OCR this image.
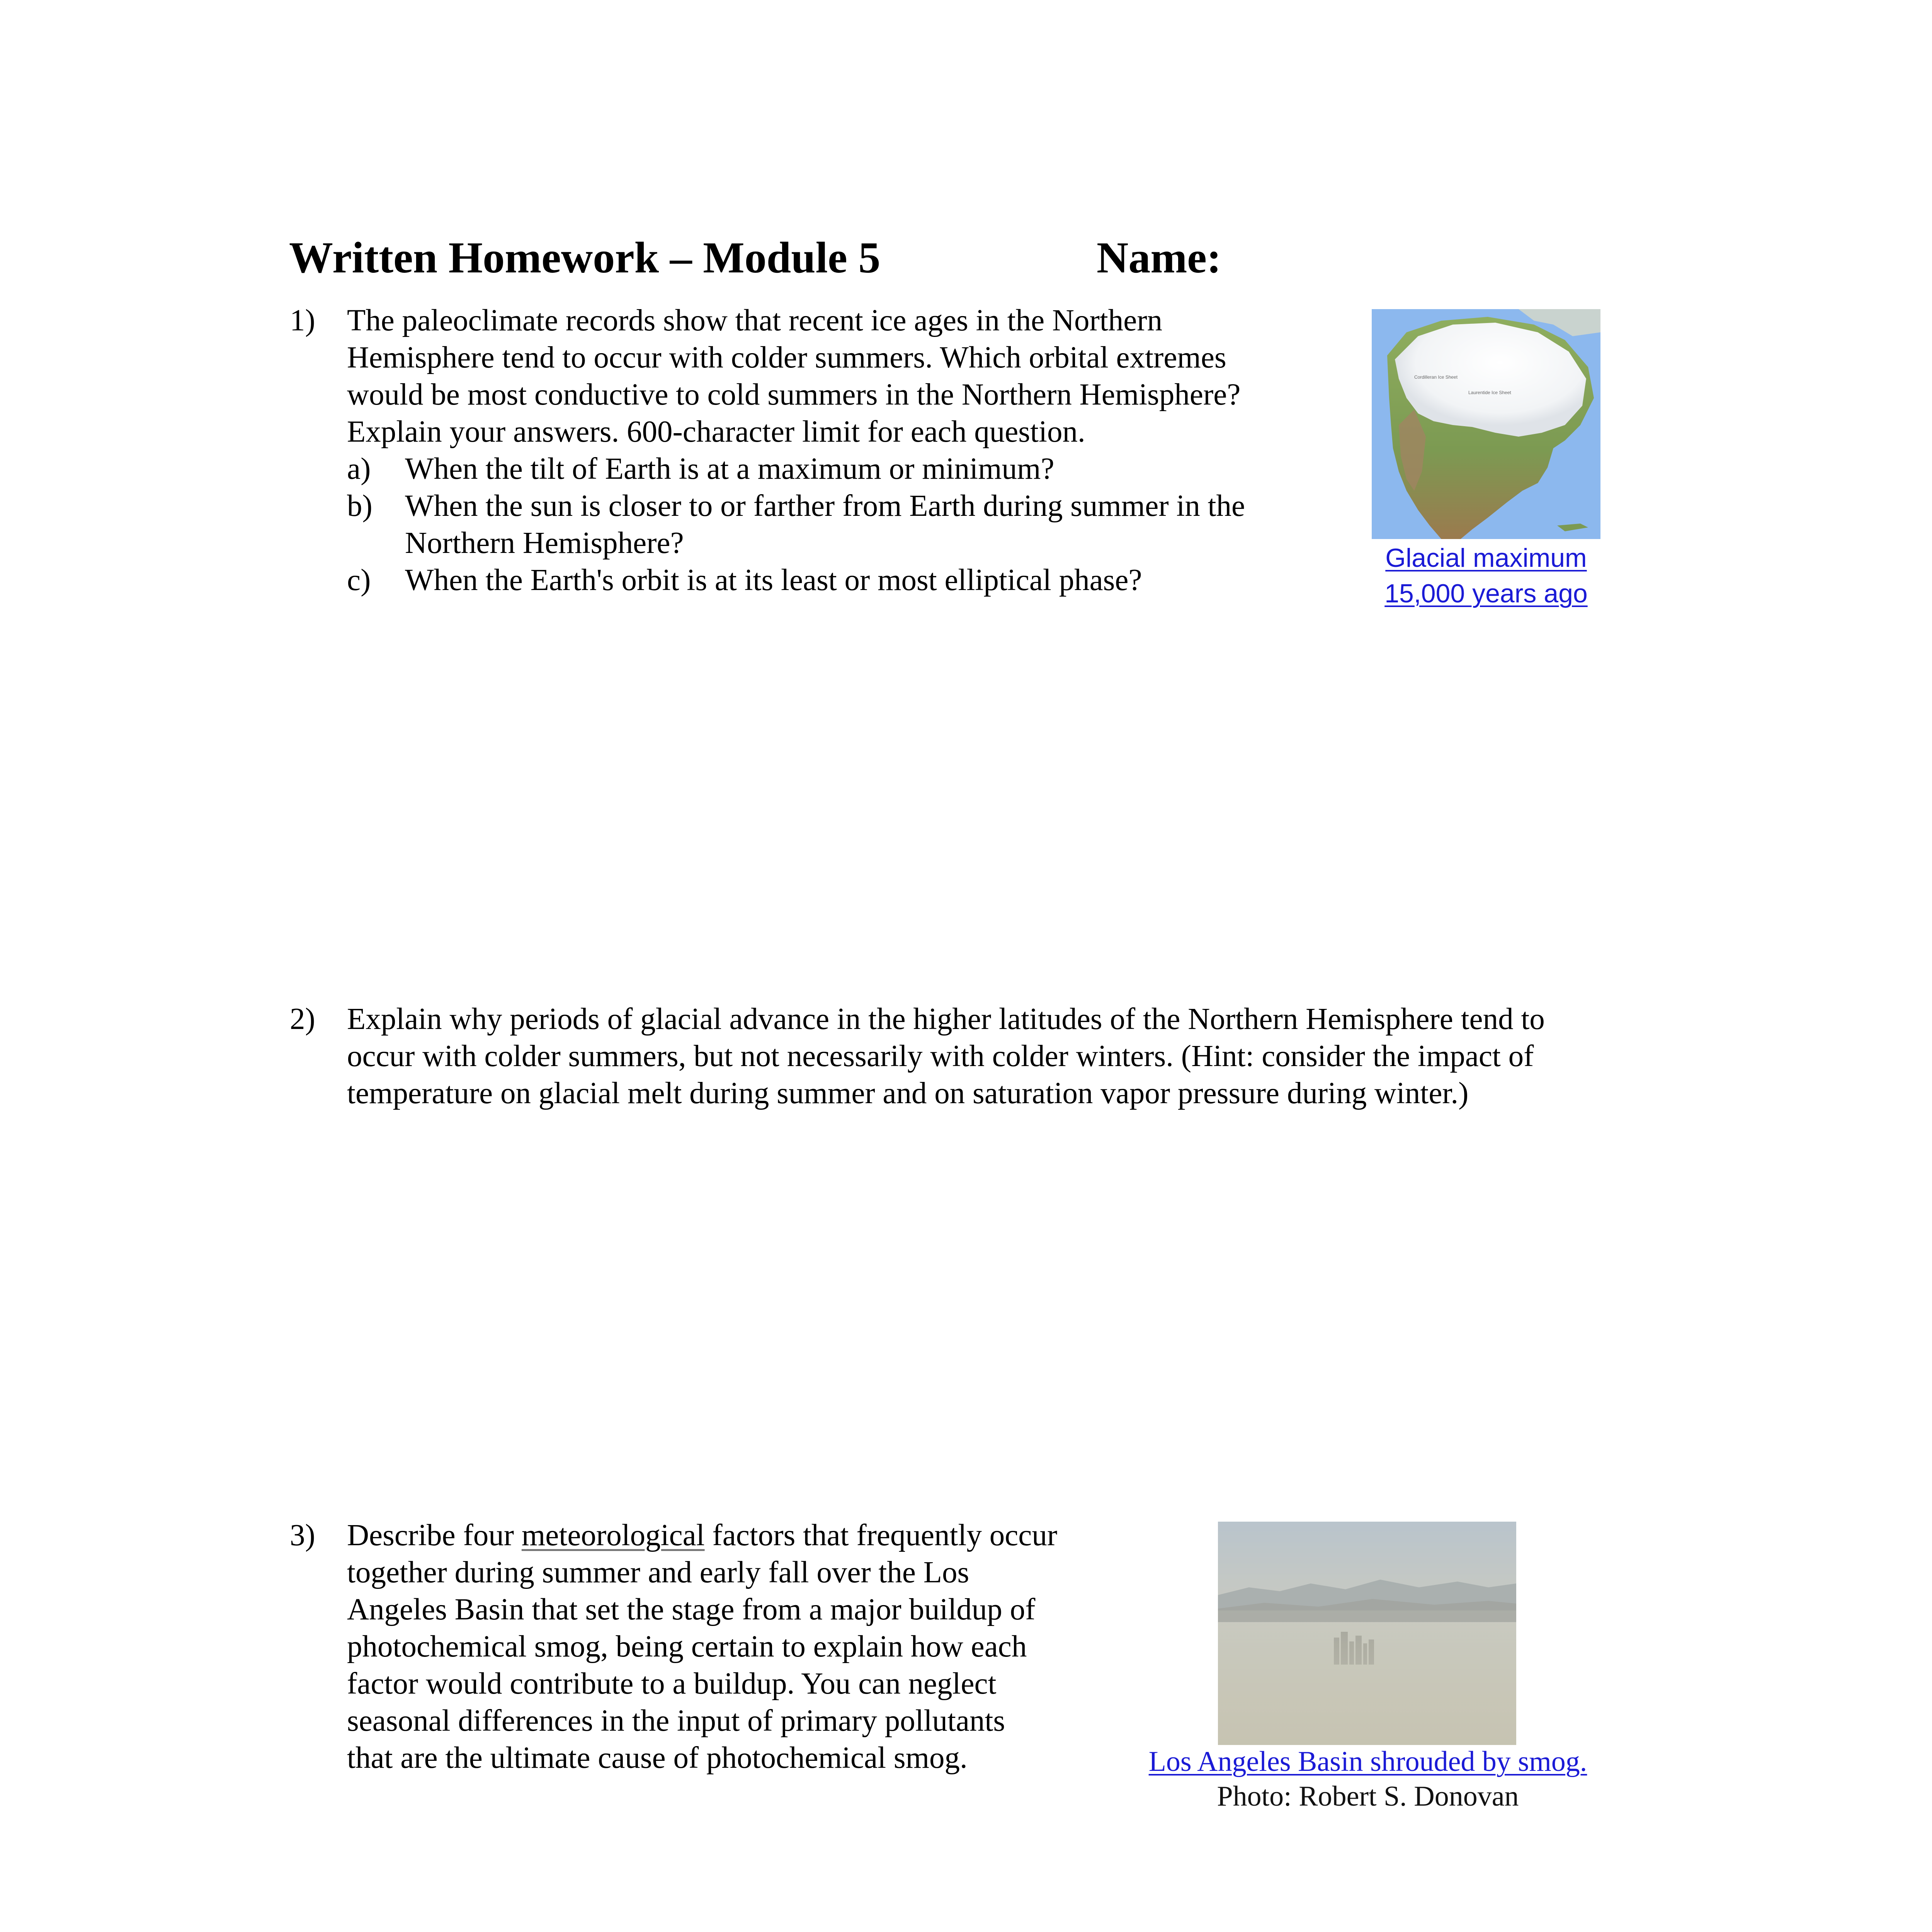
Written Homework – Module 5	Name:
1) The paleoclimate records show that recent ice ages in the Northern
Hemisphere tend to occur with colder summers. Which orbital extremes
would be most conductive to cold summers in the Northern Hemisphere?
Explain your answers. 600-character limit for each question.
a) When the tilt of Earth is at a maximum or minimum?
b) When the sun is closer to or farther from Earth during summer in the
Northern Hemisphere?
c) When the Earth's orbit is at its least or most elliptical phase?
Cordilleran Ice Sheet
Laurentide Ice Sheet
Glacial maximum
15,000 years ago
2) Explain why periods of glacial advance in the higher latitudes of the Northern Hemisphere tend to
occur with colder summers, but not necessarily with colder winters. (Hint: consider the impact of
temperature on glacial melt during summer and on saturation vapor pressure during winter.)
3) Describe four meteorological factors that frequently occur
together during summer and early fall over the Los
Angeles Basin that set the stage from a major buildup of
photochemical smog, being certain to explain how each
factor would contribute to a buildup. You can neglect
seasonal differences in the input of primary pollutants
that are the ultimate cause of photochemical smog.	Los Angeles Basin shrouded by smog.
Photo: Robert S. Donovan
